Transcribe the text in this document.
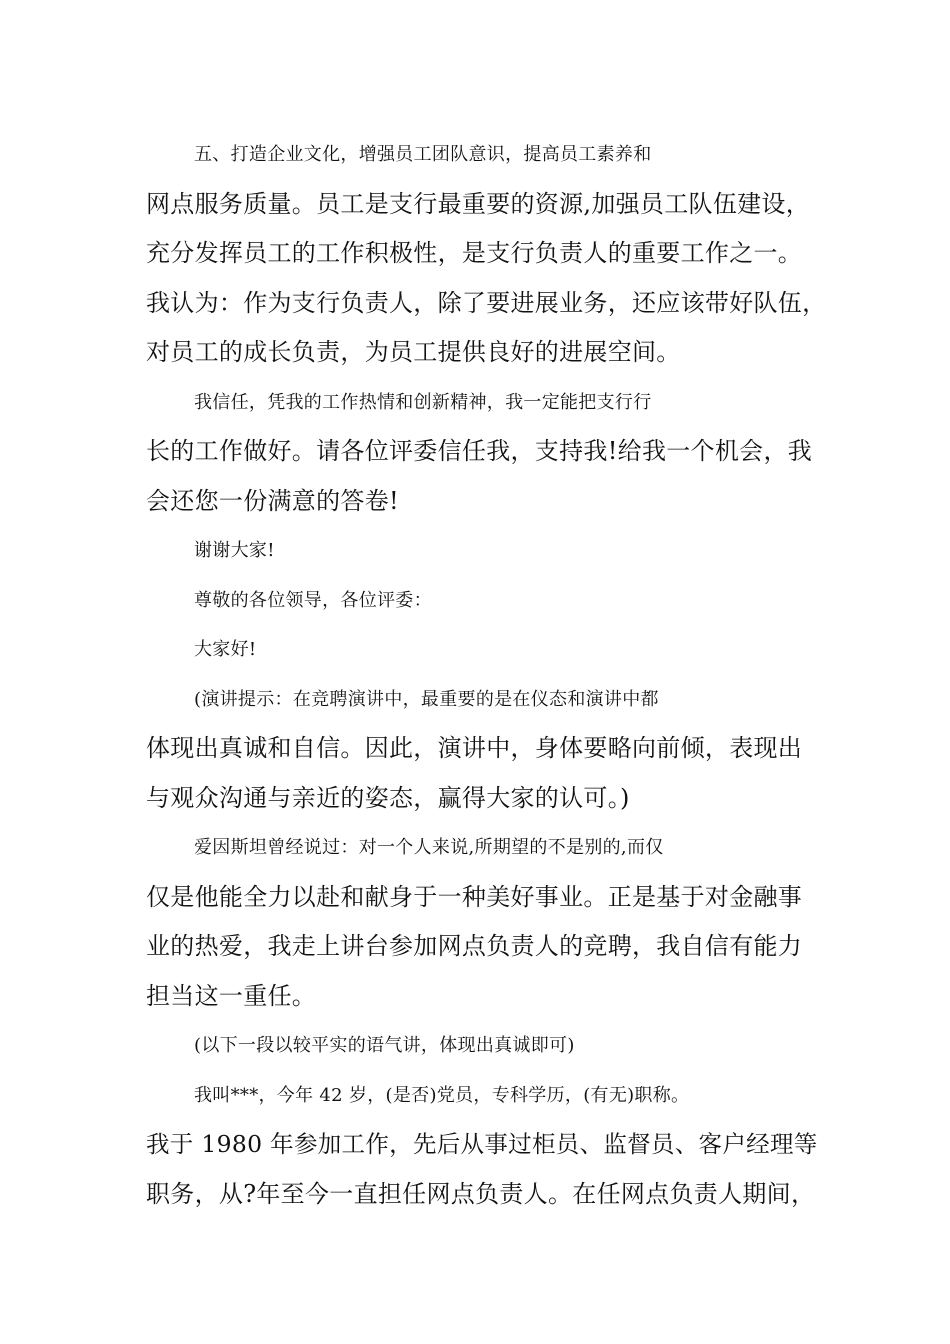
五、打造企业文化，增强员工团队意识，提高员工素养和
网点服务质量。员工是支行最重要的资源,加强员工队伍建设，
充分发挥员工的工作积极性，是支行负责人的重要工作之一。
我认为：作为支行负责人，除了要进展业务，还应该带好队伍，
对员工的成长负责，为员工提供良好的进展空间。

我信任，凭我的工作热情和创新精神，我一定能把支行行
长的工作做好。请各位评委信任我，支持我!给我一个机会，我
会还您一份满意的答卷!

谢谢大家!

尊敬的各位领导，各位评委：

大家好!

(演讲提示：在竞聘演讲中，最重要的是在仪态和演讲中都
体现出真诚和自信。因此，演讲中，身体要略向前倾，表现出
与观众沟通与亲近的姿态，赢得大家的认可。)

爱因斯坦曾经说过：对一个人来说,所期望的不是别的,而仅
仅是他能全力以赴和献身于一种美好事业。正是基于对金融事
业的热爱，我走上讲台参加网点负责人的竞聘，我自信有能力
担当这一重任。

(以下一段以较平实的语气讲，体现出真诚即可)

我叫***，今年 42 岁，(是否)党员，专科学历，(有无)职称。
我于 1980 年参加工作，先后从事过柜员、监督员、客户经理等
职务，从?年至今一直担任网点负责人。在任网点负责人期间，
